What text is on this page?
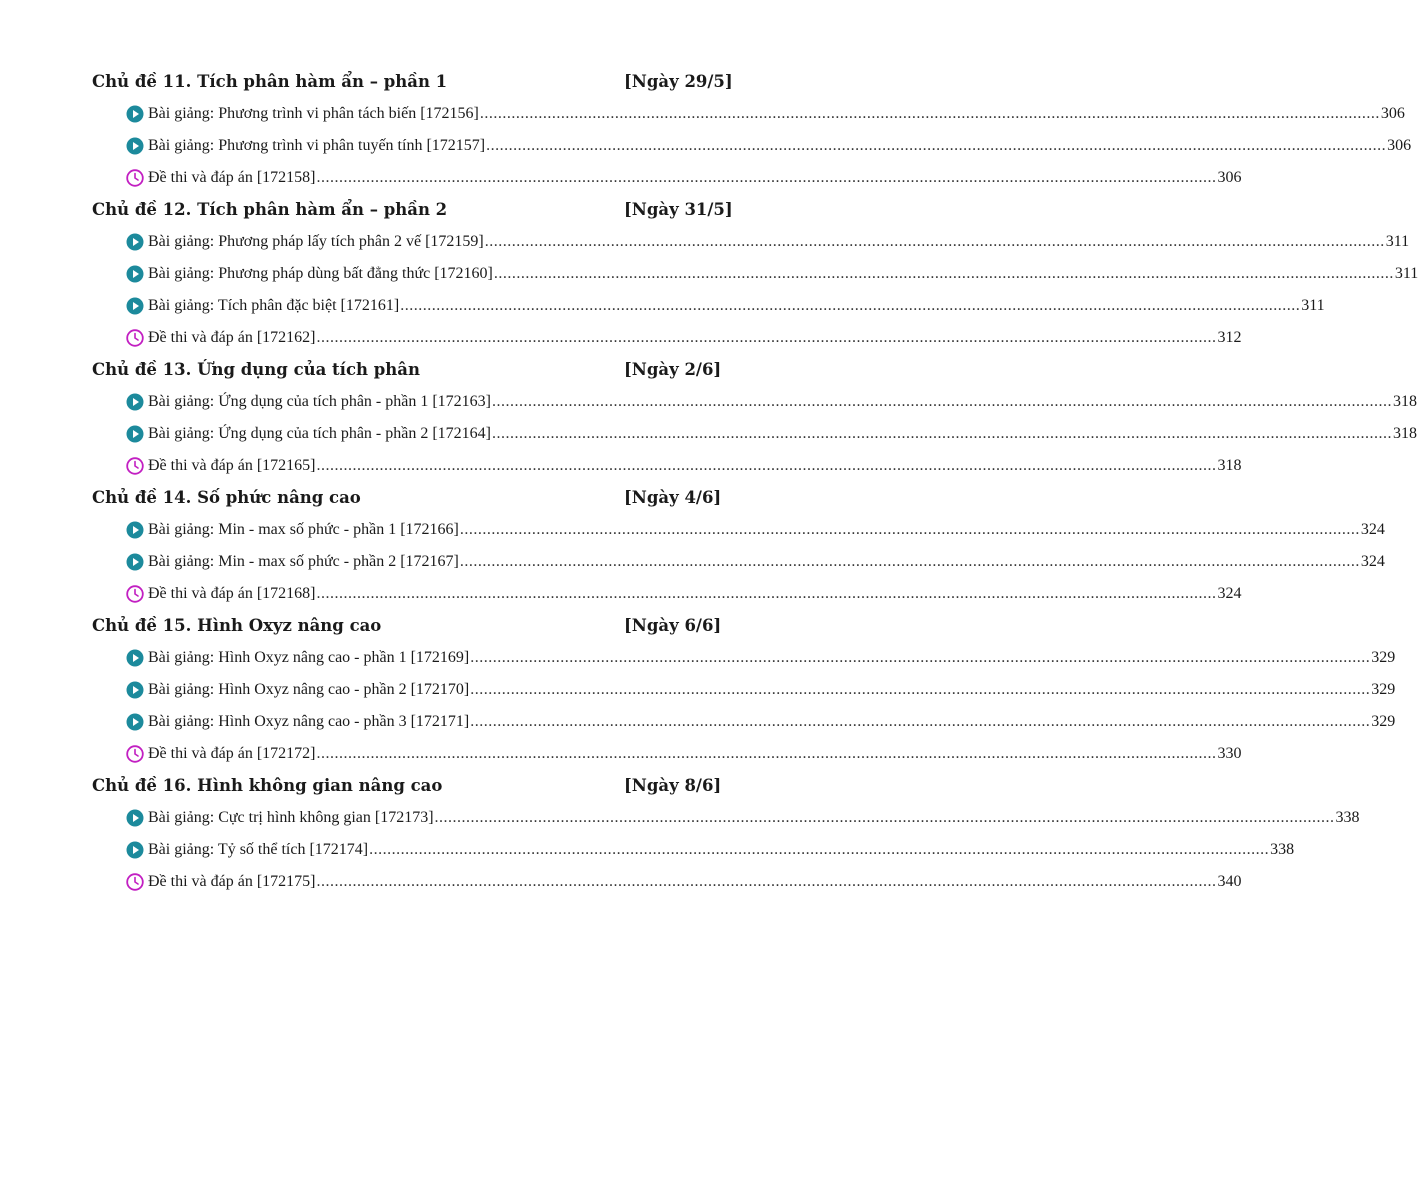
Chủ đề 11. Tích phân hàm ẩn – phần 1	[Ngày 29/5]
Bài giảng: Phương trình vi phân tách biến [172156] ........................................................................................................................................................................................................ 306
Bài giảng: Phương trình vi phân tuyến tính [172157] ........................................................................................................................................................................................................ 306
Đề thi và đáp án [172158] ........................................................................................................................................................................................................ 306
Chủ đề 12. Tích phân hàm ẩn – phần 2	[Ngày 31/5]
Bài giảng: Phương pháp lấy tích phân 2 vế [172159] ........................................................................................................................................................................................................ 311
Bài giảng: Phương pháp dùng bất đẳng thức [172160] ........................................................................................................................................................................................................ 311
Bài giảng: Tích phân đặc biệt [172161] ........................................................................................................................................................................................................ 311
Đề thi và đáp án [172162] ........................................................................................................................................................................................................ 312
Chủ đề 13. Ứng dụng của tích phân	[Ngày 2/6]
Bài giảng: Ứng dụng của tích phân - phần 1 [172163] ........................................................................................................................................................................................................ 318
Bài giảng: Ứng dụng của tích phân - phần 2 [172164] ........................................................................................................................................................................................................ 318
Đề thi và đáp án [172165] ........................................................................................................................................................................................................ 318
Chủ đề 14. Số phức nâng cao	[Ngày 4/6]
Bài giảng: Min - max số phức - phần 1 [172166] ........................................................................................................................................................................................................ 324
Bài giảng: Min - max số phức - phần 2 [172167] ........................................................................................................................................................................................................ 324
Đề thi và đáp án [172168] ........................................................................................................................................................................................................ 324
Chủ đề 15. Hình Oxyz nâng cao	[Ngày 6/6]
Bài giảng: Hình Oxyz nâng cao - phần 1 [172169] ........................................................................................................................................................................................................ 329
Bài giảng: Hình Oxyz nâng cao - phần 2 [172170] ........................................................................................................................................................................................................ 329
Bài giảng: Hình Oxyz nâng cao - phần 3 [172171] ........................................................................................................................................................................................................ 329
Đề thi và đáp án [172172] ........................................................................................................................................................................................................ 330
Chủ đề 16. Hình không gian nâng cao	[Ngày 8/6]
Bài giảng: Cực trị hình không gian [172173] ........................................................................................................................................................................................................ 338
Bài giảng: Tỷ số thể tích [172174] ........................................................................................................................................................................................................ 338
Đề thi và đáp án [172175] ........................................................................................................................................................................................................ 340
